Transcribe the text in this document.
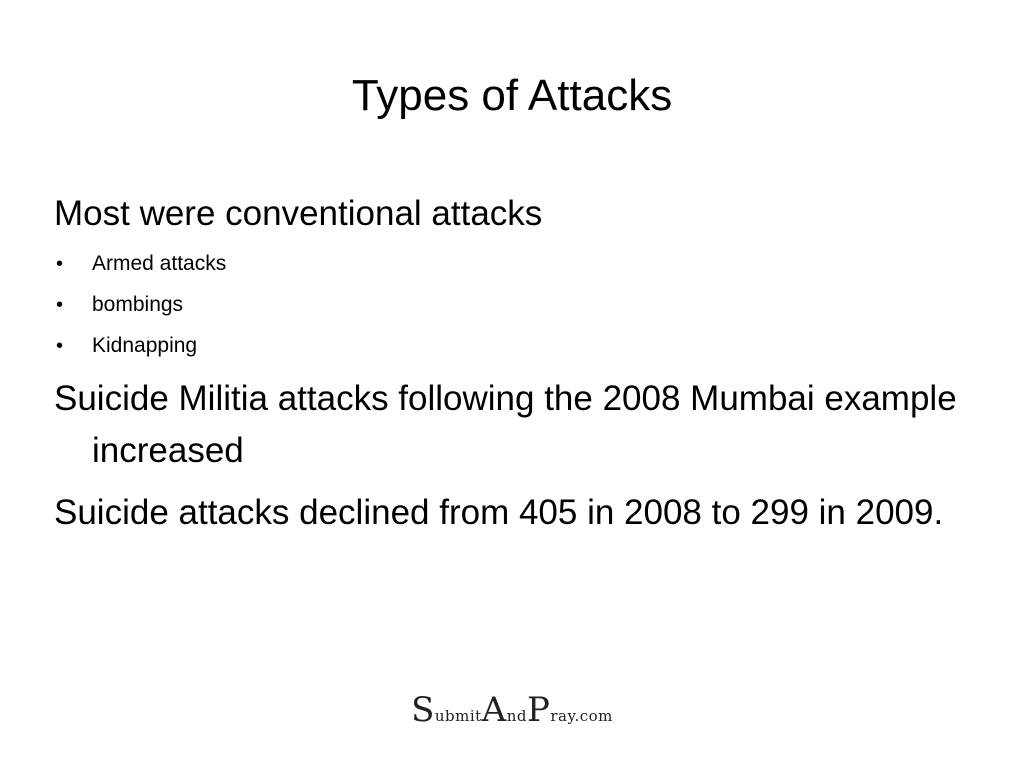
Types of Attacks

Most were conventional attacks

• Armed attacks
• bombings
• Kidnapping

Suicide Militia attacks following the 2008 Mumbai example increased

Suicide attacks declined from 405 in 2008 to 299 in 2009.

SubmitAndPray.com
